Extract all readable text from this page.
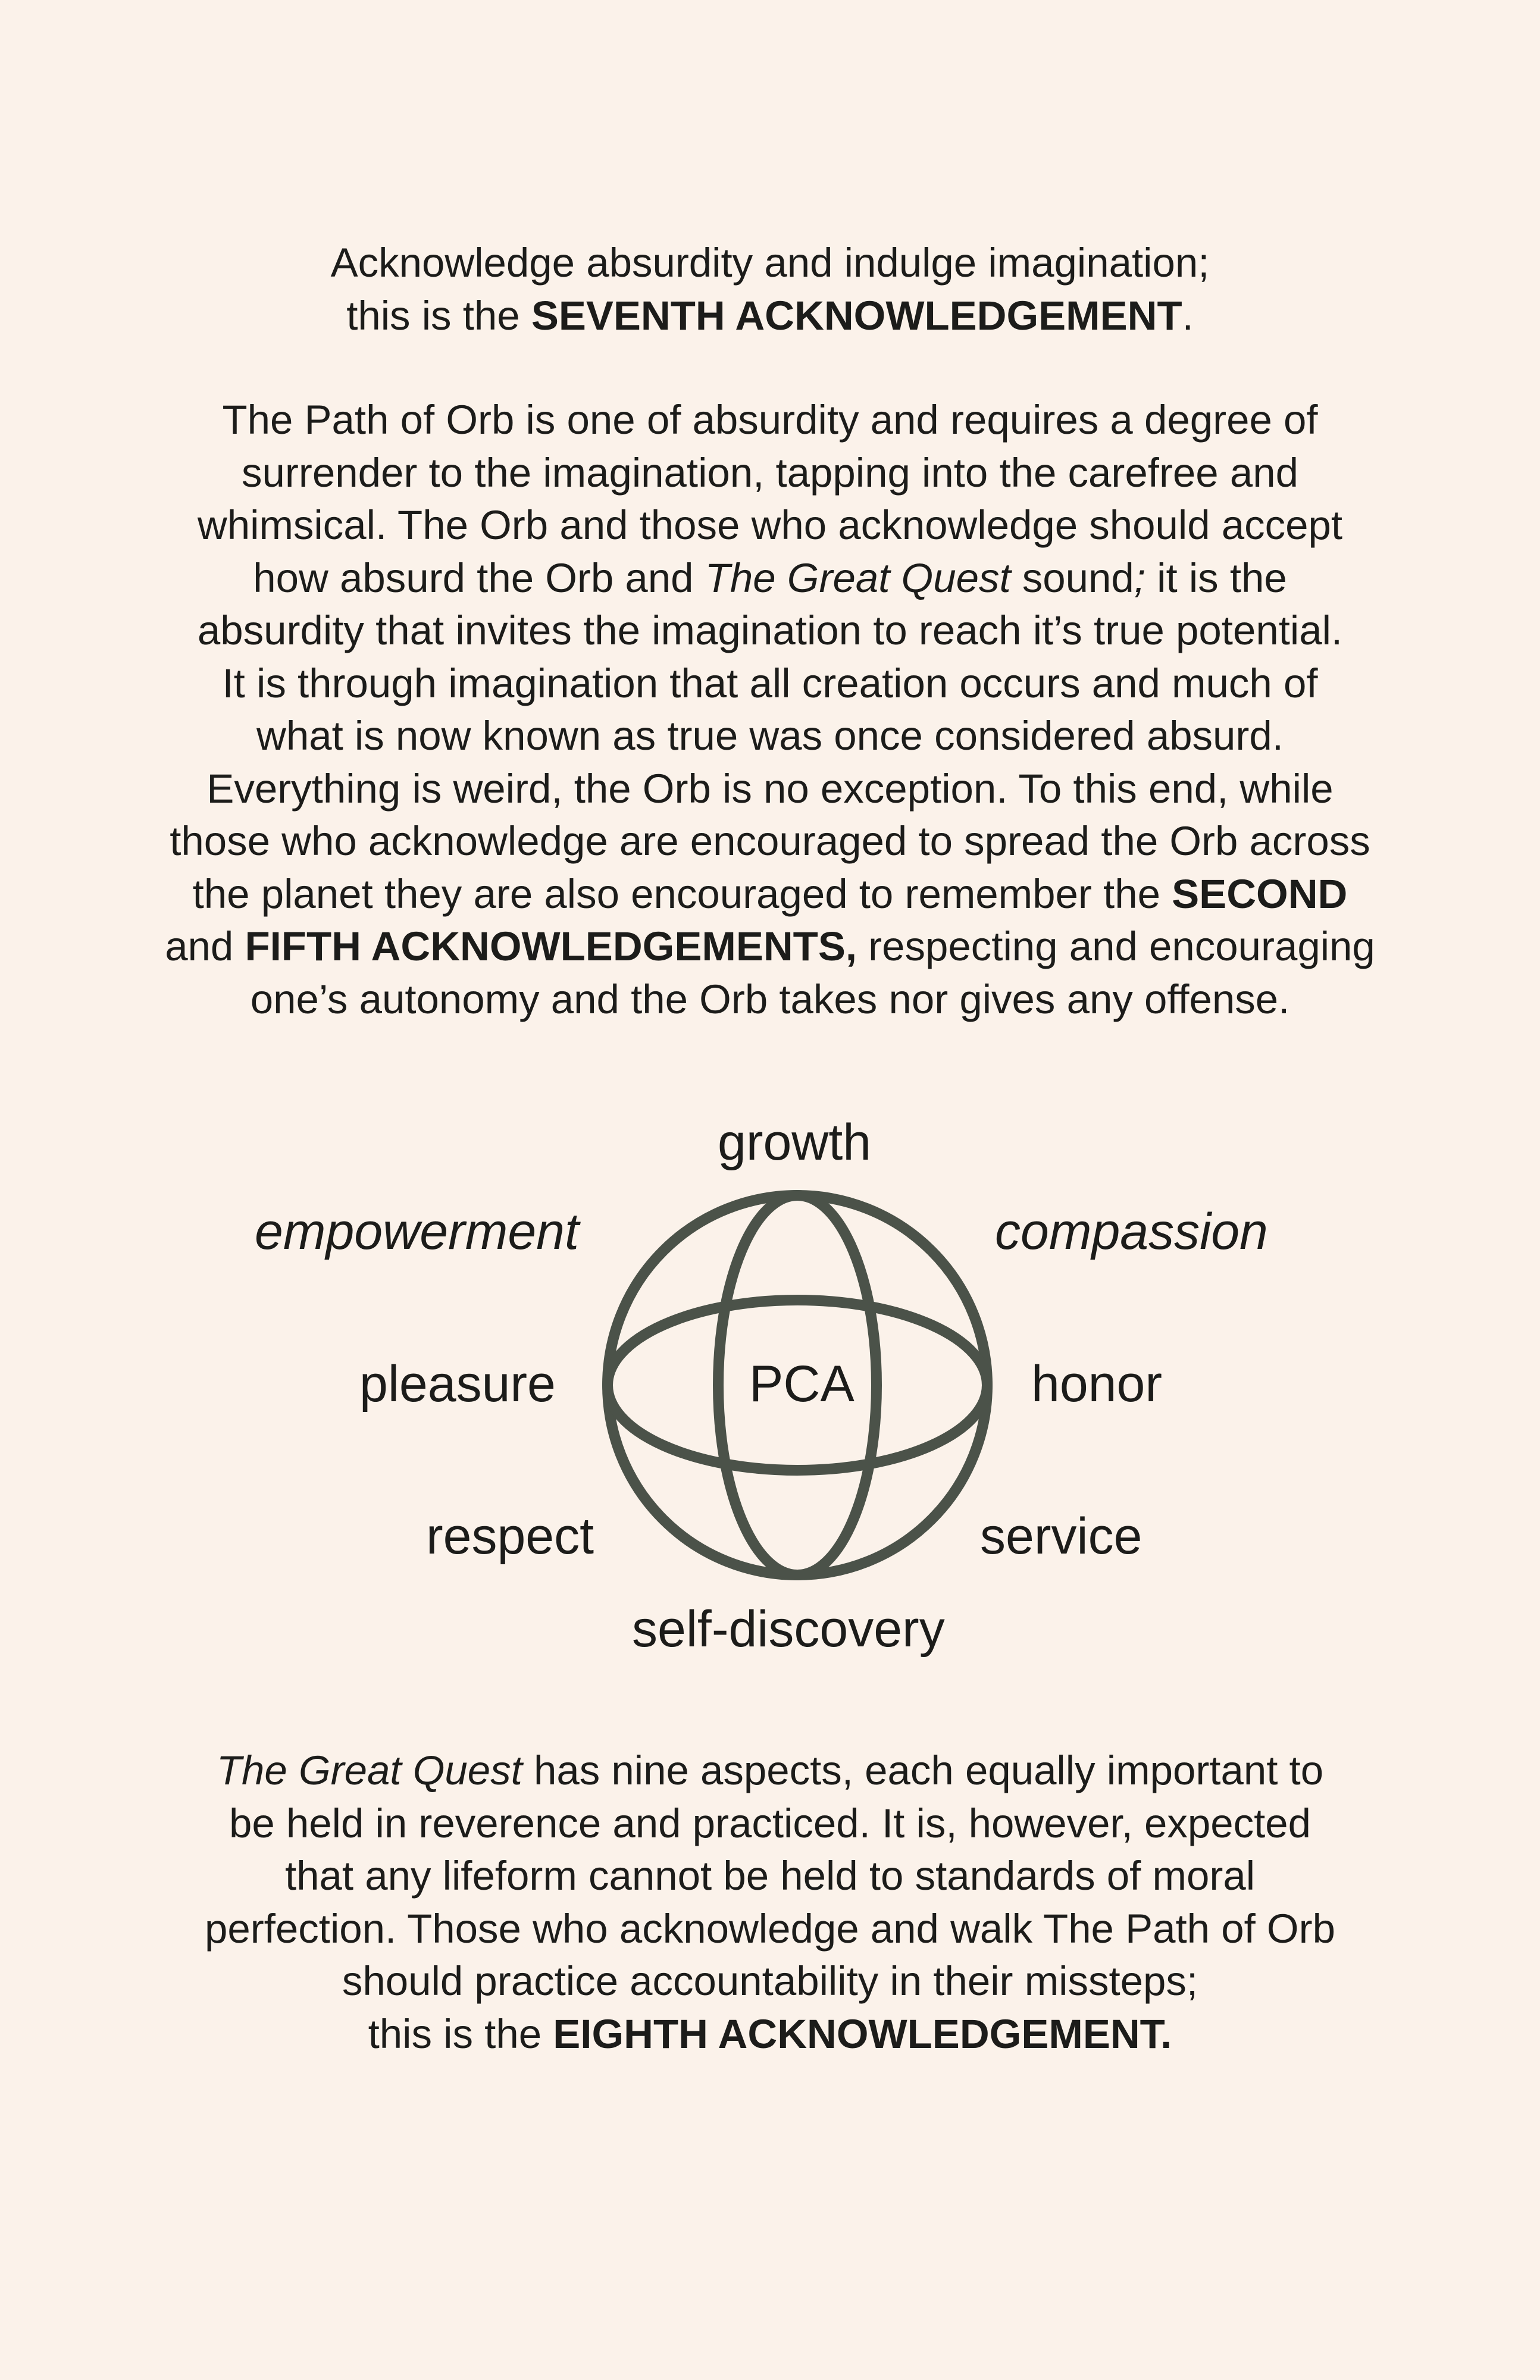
Acknowledge absurdity and indulge imagination;
this is the SEVENTH ACKNOWLEDGEMENT.
The Path of Orb is one of absurdity and requires a degree of
surrender to the imagination, tapping into the carefree and
whimsical. The Orb and those who acknowledge should accept
how absurd the Orb and The Great Quest sound; it is the
absurdity that invites the imagination to reach it’s true potential.
It is through imagination that all creation occurs and much of
what is now known as true was once considered absurd.
Everything is weird, the Orb is no exception. To this end, while
those who acknowledge are encouraged to spread the Orb across
the planet they are also encouraged to remember the SECOND
and FIFTH ACKNOWLEDGEMENTS, respecting and encouraging
one’s autonomy and the Orb takes nor gives any offense.
growth
empowerment	compassion
pleasure	PCA	honor
respect	service
self-discovery
The Great Quest has nine aspects, each equally important to
be held in reverence and practiced. It is, however, expected
that any lifeform cannot be held to standards of moral
perfection. Those who acknowledge and walk The Path of Orb
should practice accountability in their missteps;
this is the EIGHTH ACKNOWLEDGEMENT.
